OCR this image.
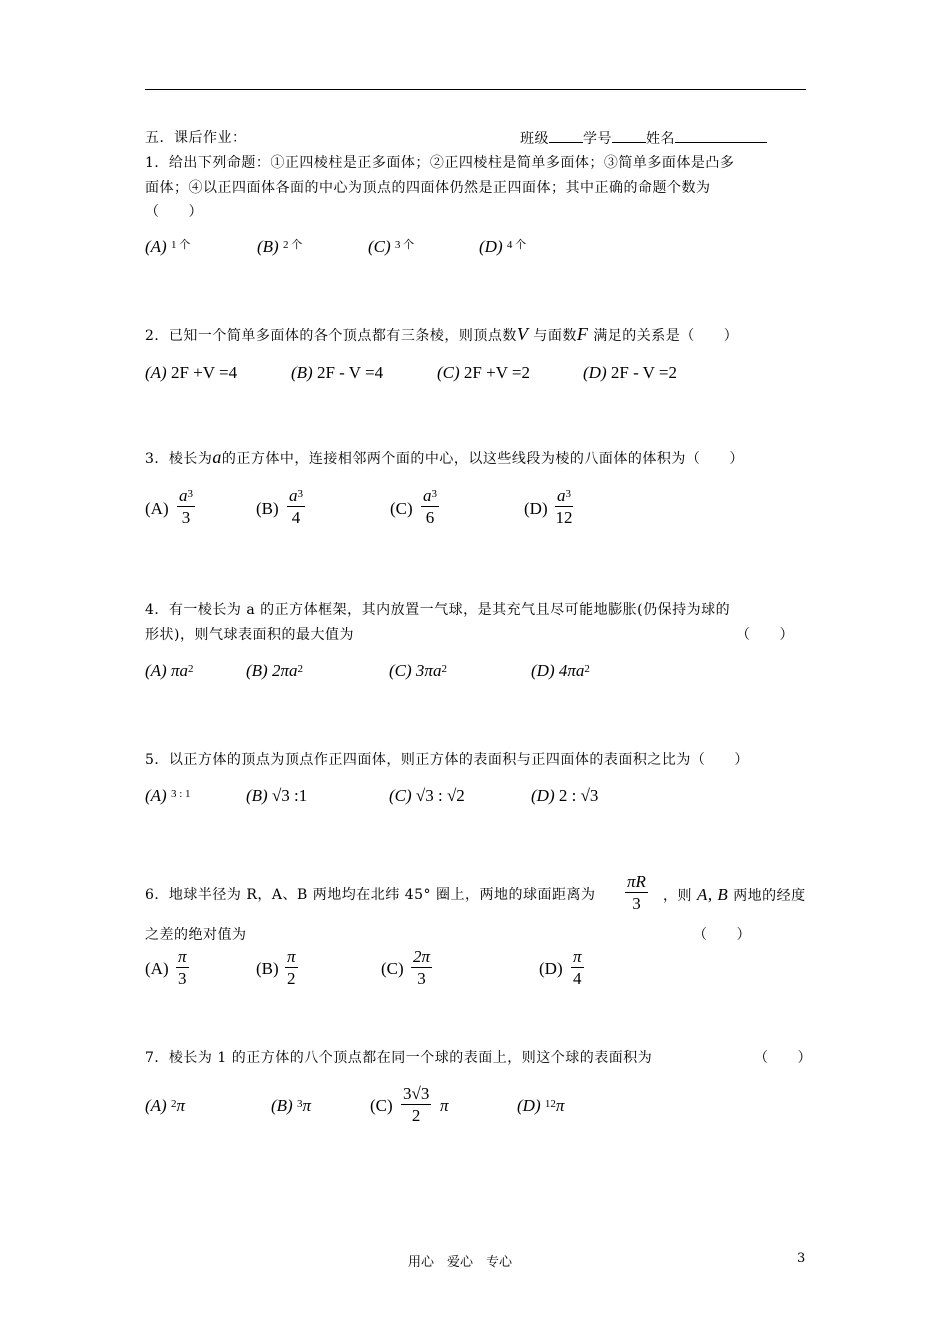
五．课后作业：	班级 学号 姓名
1．给出下列命题：①正四棱柱是正多面体；②正四棱柱是简单多面体；③简单多面体是凸多
面体；④以正四面体各面的中心为顶点的四面体仍然是正四面体；其中正确的命题个数为
（　　）
(A) $^{1 个}$	(B) $^{2 个}$	(C) $^{3 个}$	(D) $^{4 个}$
2．已知一个简单多面体的各个顶点都有三条棱，则顶点数V 与面数F 满足的关系是（　　）
(A) 2F +V =4	(B) 2F - V =4	(C) 2F +V =2	(D) 2F - V =2
3．棱长为a的正方体中，连接相邻两个面的中心，以这些线段为棱的八面体的体积为（　　）
$(A) \frac{a^3}{3}$	$(B) \frac{a^3}{4}$	$(C) \frac{a^3}{6}$	$(D) \frac{a^3}{12}$
4．有一棱长为 a 的正方体框架，其内放置一气球，是其充气且尽可能地膨胀(仍保持为球的
形状)，则气球表面积的最大值为	（　　）
(A) $\pi a^2$	(B) $2\pi a^2$	(C) $3\pi a^2$	(D) $4\pi a^2$
5．以正方体的顶点为顶点作正四面体，则正方体的表面积与正四面体的表面积之比为（　　）
(A) $^{3 : 1}$	(B) √3 :1	(C) √3 : √2	(D) 2 : √3
6．地球半径为 R，A、B 两地均在北纬 45° 圈上，两地的球面距离为 $\frac{\pi R}{3}$ ，则 A, B 两地的经度
之差的绝对值为	（　　）
$(A) \frac{\pi}{3}$	$(B) \frac{\pi}{2}$	$(C) \frac{2\pi}{3}$	$(D) \frac{\pi}{4}$
7．棱长为 1 的正方体的八个顶点都在同一个球的表面上，则这个球的表面积为	（　　）
(A) $^2$π	(B) $^3$π	$(C) \frac{3√3}{2}$ π	(D) $^{12}$π
用心　爱心　专心	3
